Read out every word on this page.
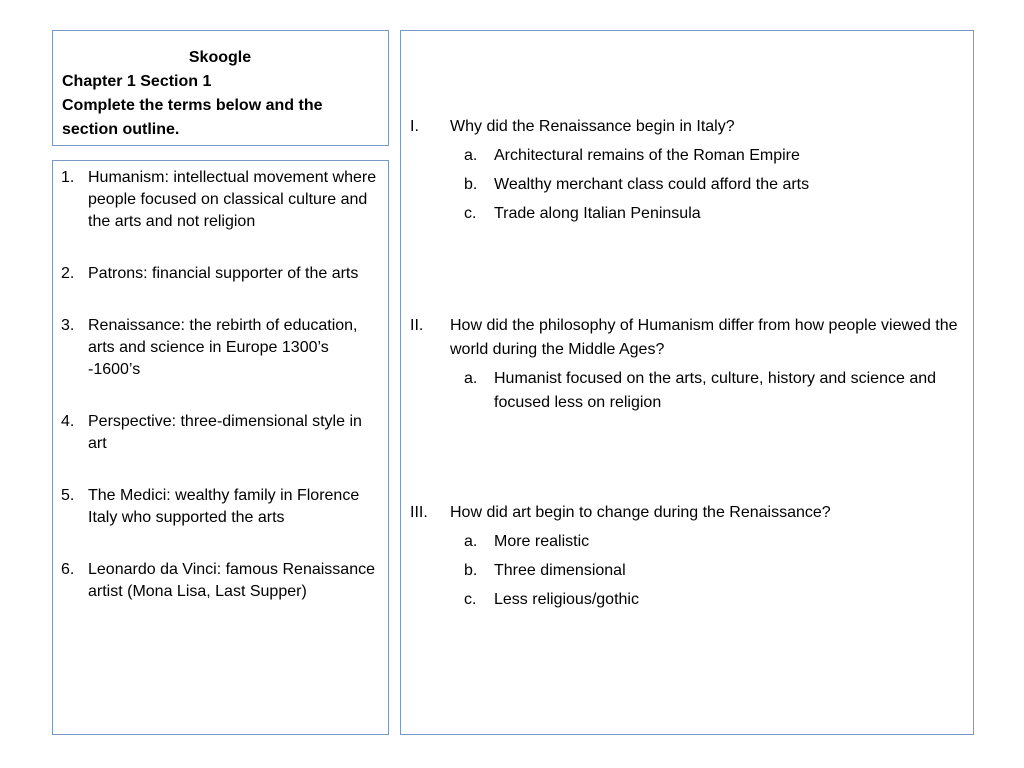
Skoogle
Chapter 1 Section 1
Complete the terms below and the section outline.
1. Humanism: intellectual movement where people focused on classical culture and the arts and not religion
2. Patrons: financial supporter of the arts
3. Renaissance: the rebirth of education, arts and science in Europe 1300’s -1600’s
4. Perspective: three-dimensional style in art
5. The Medici: wealthy family in Florence Italy who supported the arts
6. Leonardo da Vinci: famous Renaissance artist (Mona Lisa, Last Supper)
I.	Why did the Renaissance begin in Italy?
a.	Architectural remains of the Roman Empire
b.	Wealthy merchant class could afford the arts
c.	Trade along Italian Peninsula
II.	How did the philosophy of Humanism differ from how people viewed the world during the Middle Ages?
a.	Humanist focused on the arts, culture, history and science and focused less on religion
III.	How did art begin to change during the Renaissance?
a.	More realistic
b.	Three dimensional
c.	Less religious/gothic
